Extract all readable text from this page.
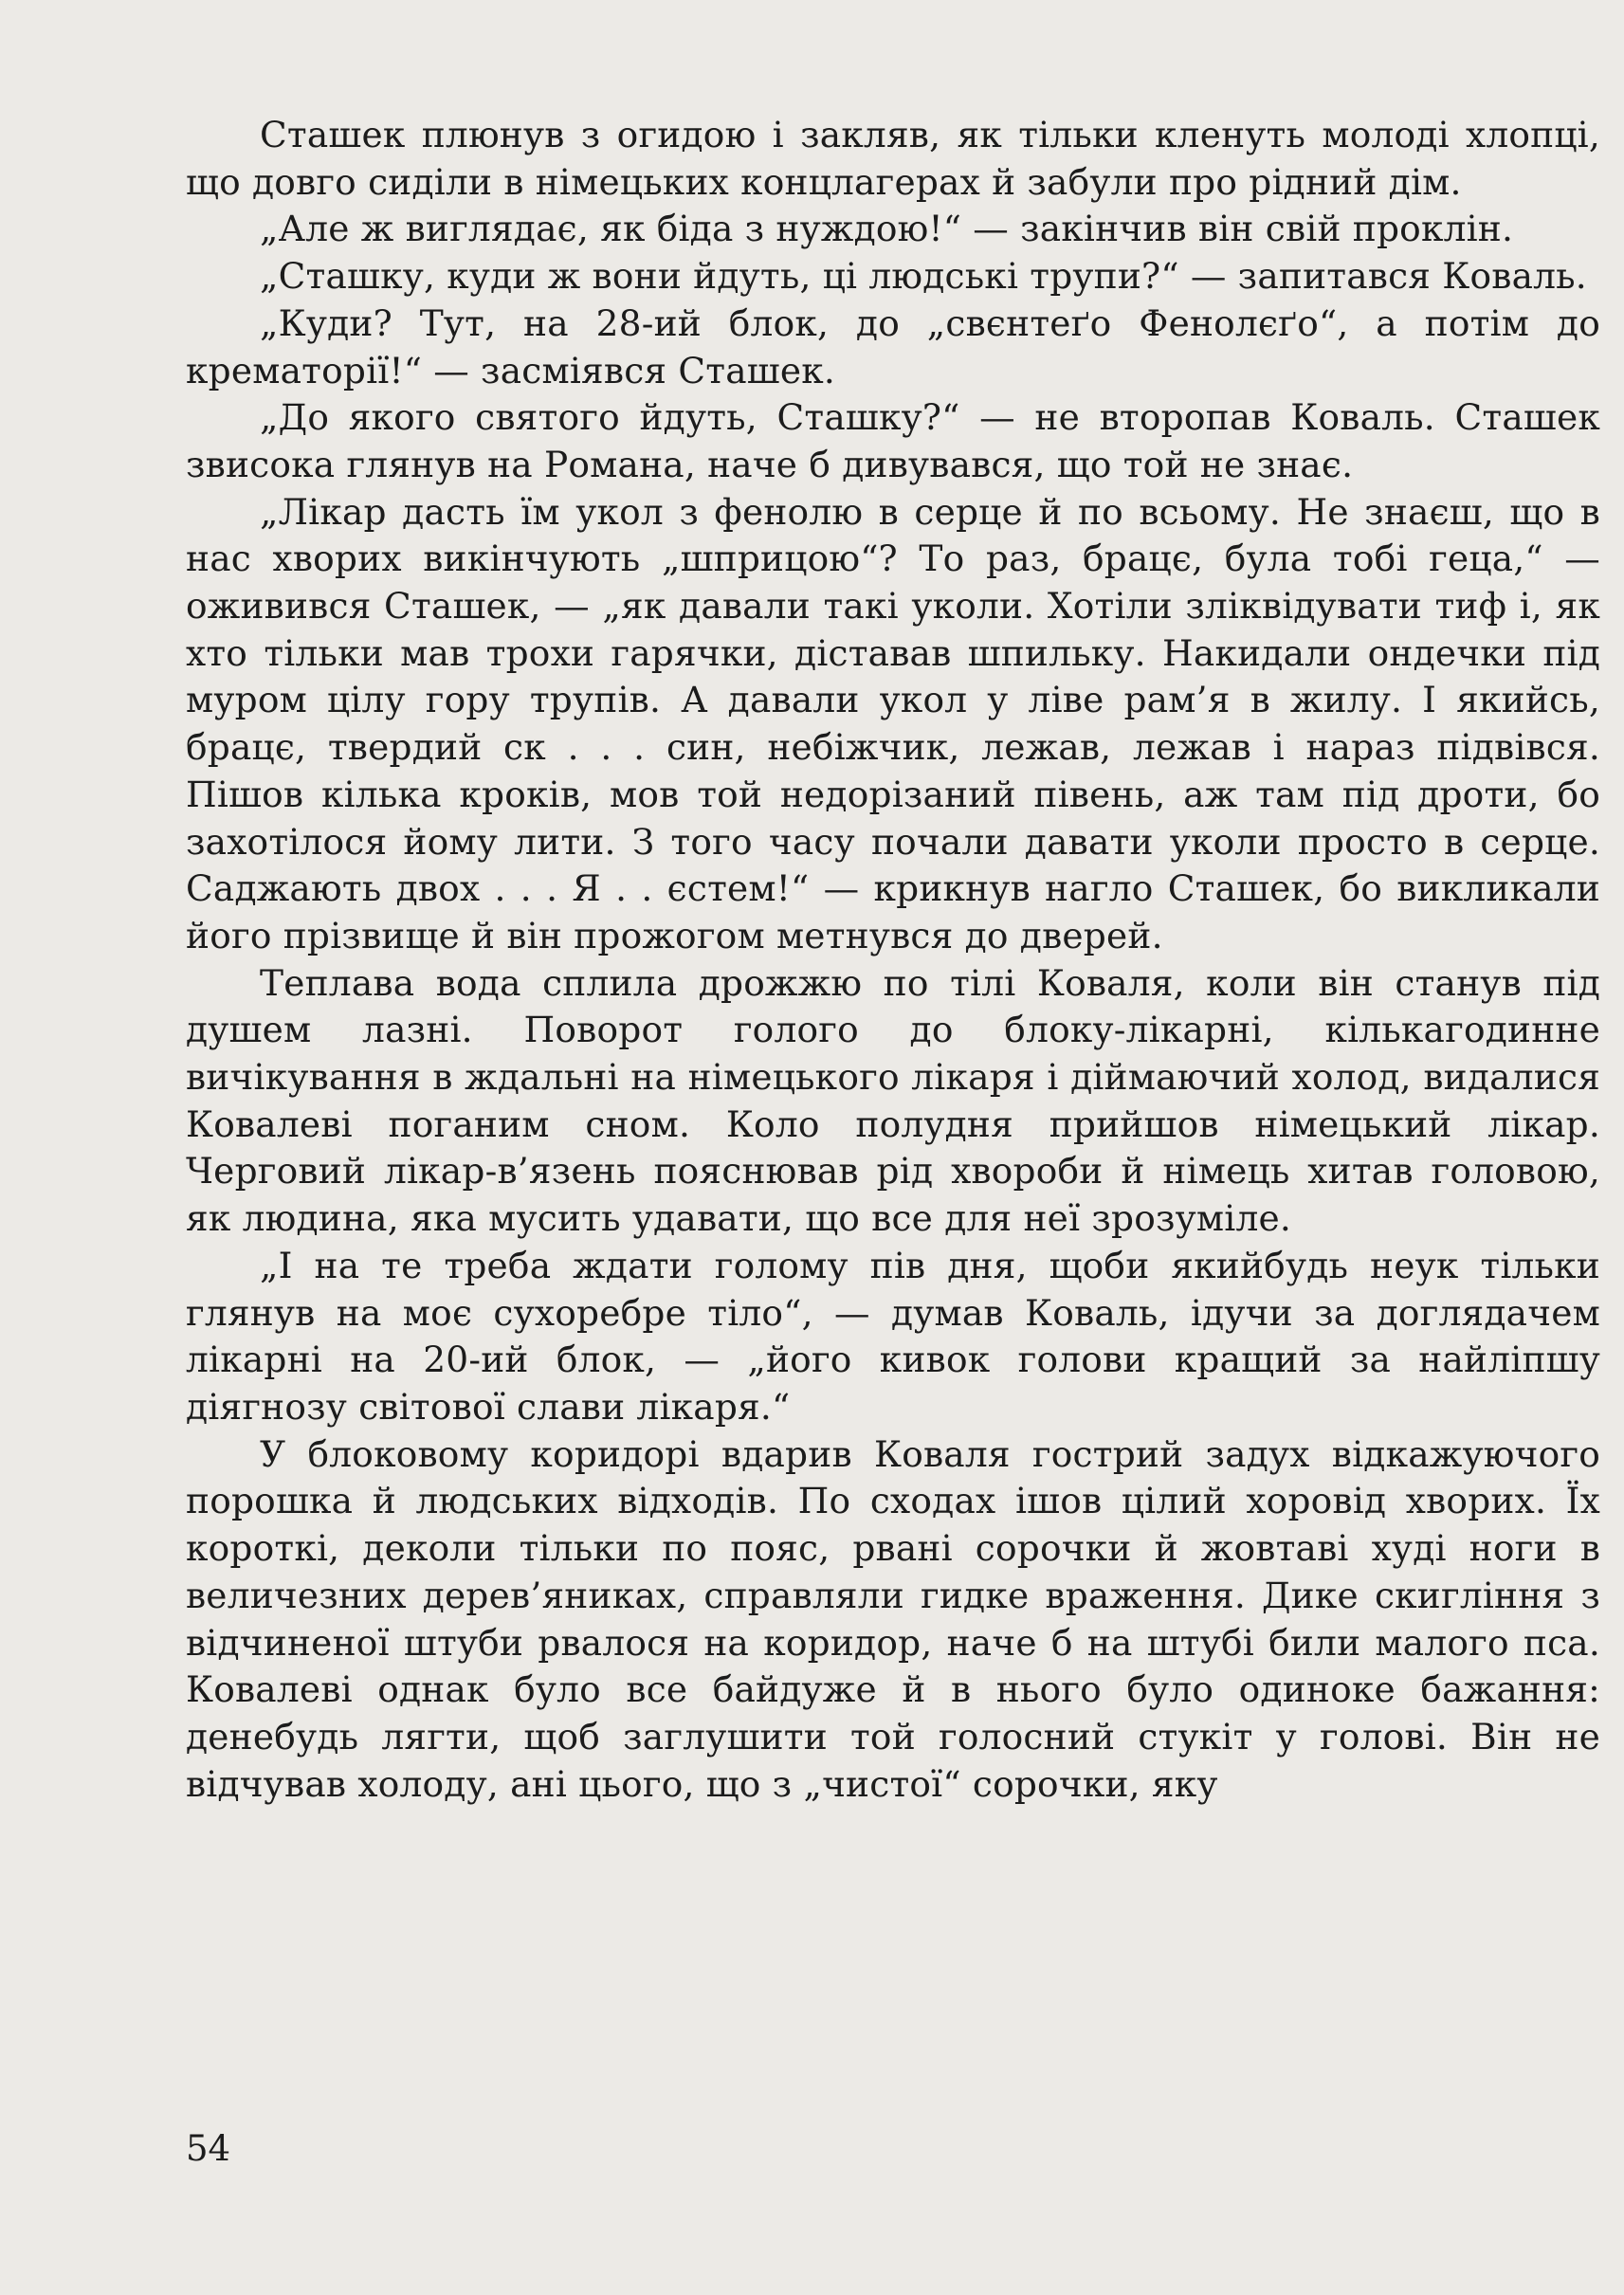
Сташек плюнув з огидою і закляв, як тільки кленуть молоді хлопці, що довго сиділи в німецьких концлагерах й забули про рідний дім.

„Але ж виглядає, як біда з нуждою!“ — закінчив він свій проклін.

„Сташку, куди ж вони йдуть, ці людські трупи?“ — запитався Коваль.

„Куди? Тут, на 28-ий блок, до „свєнтеґо Фенолєґо“, а потім до крематорії!“ — засміявся Сташек.

„До якого святого йдуть, Сташку?“ — не второпав Коваль. Сташек звисока глянув на Романа, наче б дивувався, що той не знає.

„Лікар дасть їм укол з фенолю в серце й по всьому. Не знаєш, що в нас хворих викінчують „шприцою“? То раз, брацє, була тобі геца,“ — оживився Сташек, — „як давали такі уколи. Хотіли зліквідувати тиф і, як хто тільки мав трохи гарячки, діставав шпильку. Накидали ондечки під муром цілу гору трупів. А давали укол у ліве рам’я в жилу. І якийсь, брацє, твердий ск . . . син, небіжчик, лежав, лежав і нараз підвівся. Пішов кілька кроків, мов той недорізаний півень, аж там під дроти, бо захотілося йому лити. З того часу почали давати уколи просто в серце. Саджають двох . . . Я . . єстем!“ — крикнув нагло Сташек, бо викликали його прізвище й він прожогом метнувся до дверей.

Теплава вода сплила дрожжю по тілі Коваля, коли він станув під душем лазні. Поворот голого до блоку-лікарні, кількагодинне вичікування в ждальні на німецького лікаря і діймаючий холод, видалися Ковалеві поганим сном. Коло полудня прийшов німецький лікар. Черговий лікар-в’язень пояснював рід хвороби й німець хитав головою, як людина, яка мусить удавати, що все для неї зрозуміле.

„І на те треба ждати голому пів дня, щоби якийбудь неук тільки глянув на моє сухоребре тіло“, — думав Коваль, ідучи за доглядачем лікарні на 20-ий блок, — „його кивок голови кращий за найліпшу діягнозу світової слави лікаря.“

У блоковому коридорі вдарив Коваля гострий задух відкажуючого порошка й людських відходів. По сходах ішов цілий хоровід хворих. Їх короткі, деколи тільки по пояс, рвані сорочки й жовтаві худі ноги в величезних дерев’яниках, справляли гидке враження. Дике скигління з відчиненої штуби рвалося на коридор, наче б на штубі били малого пса. Ковалеві однак було все байдуже й в нього було одиноке бажання: денебудь лягти, щоб заглушити той голосний стукіт у голові. Він не відчував холоду, ані цього, що з „чистої“ сорочки, яку

54
